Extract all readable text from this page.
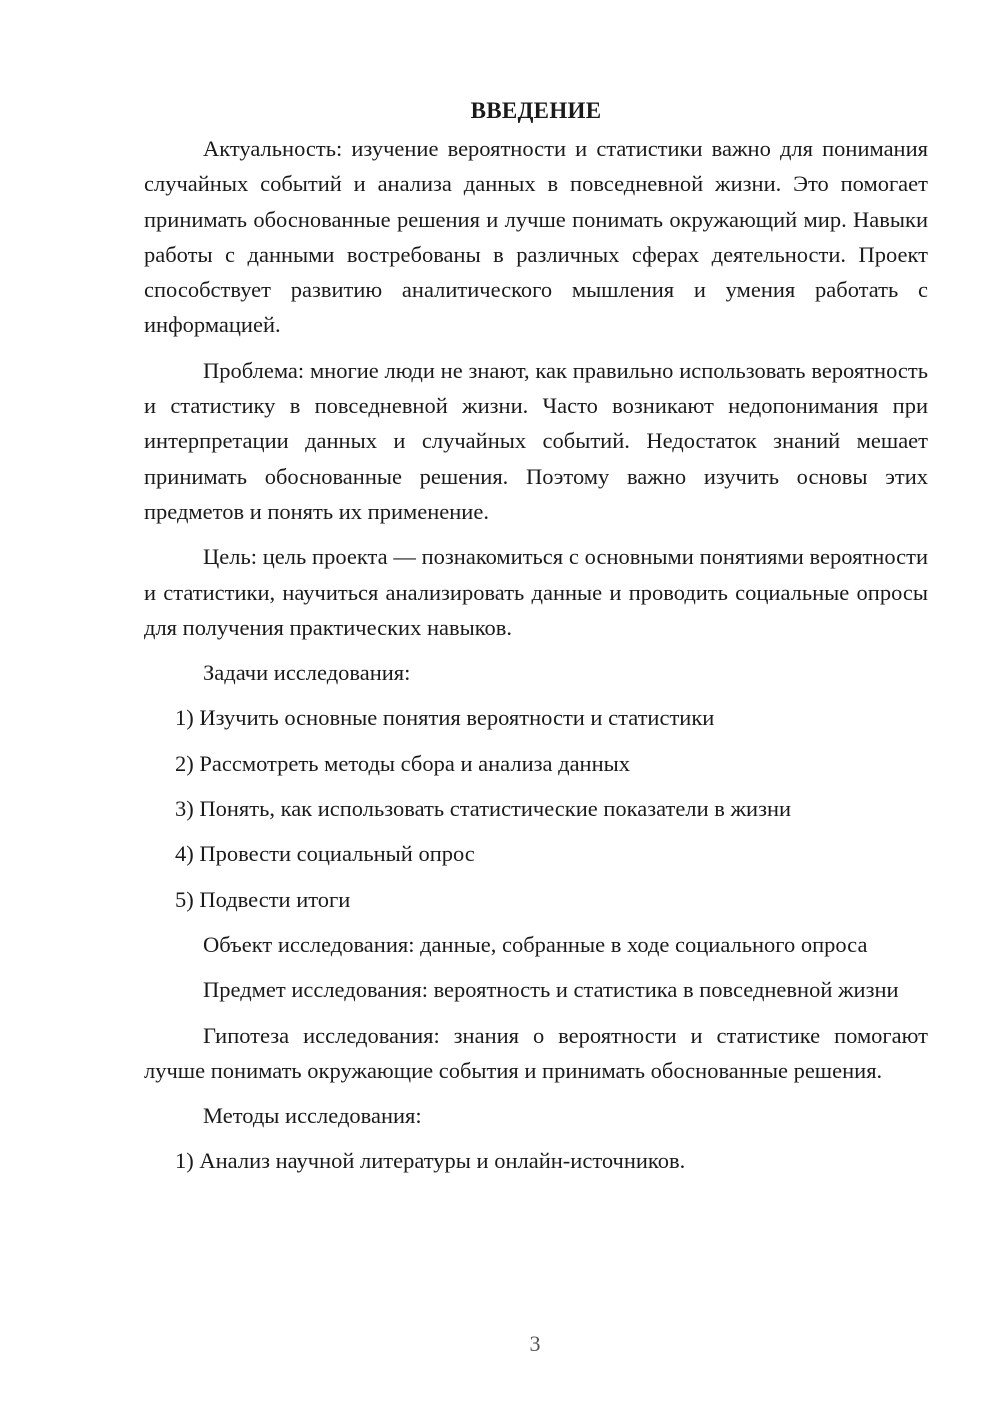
ВВЕДЕНИЕ

Актуальность: изучение вероятности и статистики важно для понимания случайных событий и анализа данных в повседневной жизни. Это помогает принимать обоснованные решения и лучше понимать окружающий мир. Навыки работы с данными востребованы в различных сферах деятельности. Проект способствует развитию аналитического мышления и умения работать с информацией.

Проблема: многие люди не знают, как правильно использовать вероятность и статистику в повседневной жизни. Часто возникают недопонимания при интерпретации данных и случайных событий. Недостаток знаний мешает принимать обоснованные решения. Поэтому важно изучить основы этих предметов и понять их применение.

Цель: цель проекта — познакомиться с основными понятиями вероятности и статистики, научиться анализировать данные и проводить социальные опросы для получения практических навыков.

Задачи исследования:

1) Изучить основные понятия вероятности и статистики
2) Рассмотреть методы сбора и анализа данных
3) Понять, как использовать статистические показатели в жизни
4) Провести социальный опрос
5) Подвести итоги

Объект исследования: данные, собранные в ходе социального опроса

Предмет исследования: вероятность и статистика в повседневной жизни

Гипотеза исследования: знания о вероятности и статистике помогают лучше понимать окружающие события и принимать обоснованные решения.

Методы исследования:

1) Анализ научной литературы и онлайн-источников.
3
